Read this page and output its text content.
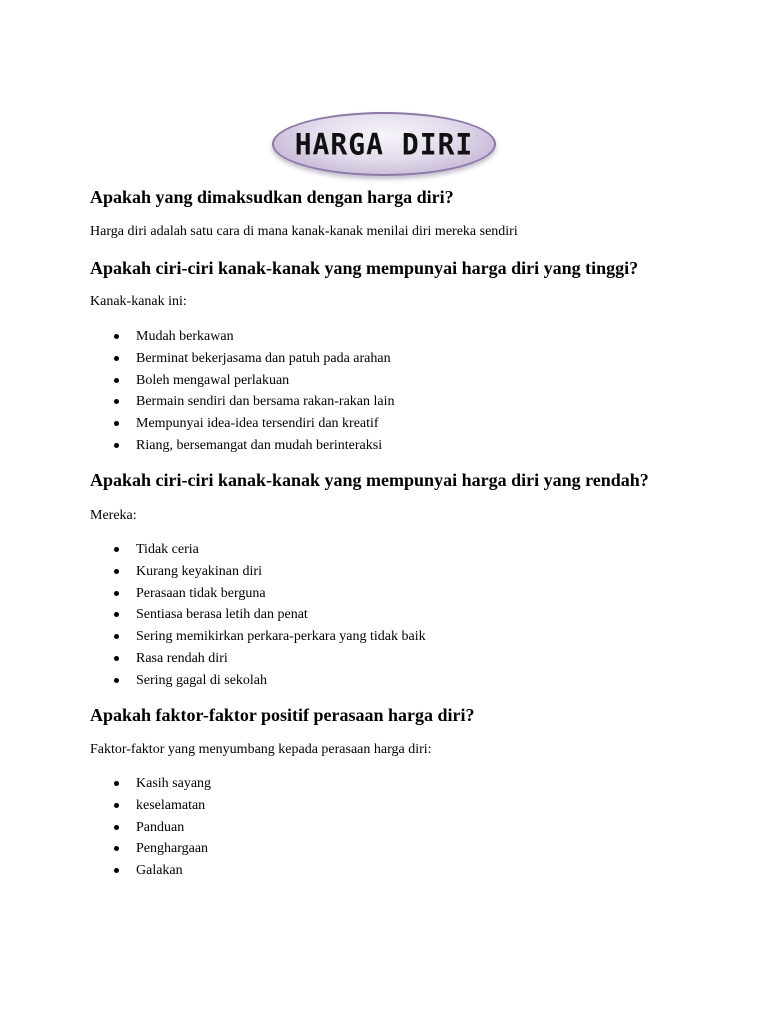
HARGA DIRI
Apakah yang dimaksudkan dengan harga diri?

Harga diri adalah satu cara di mana kanak-kanak menilai diri mereka sendiri

Apakah ciri-ciri kanak-kanak yang mempunyai harga diri yang tinggi?

Kanak-kanak ini:

Mudah berkawan
Berminat bekerjasama dan patuh pada arahan
Boleh mengawal perlakuan
Bermain sendiri dan bersama rakan-rakan lain
Mempunyai idea-idea tersendiri dan kreatif
Riang, bersemangat dan mudah berinteraksi
Apakah ciri-ciri kanak-kanak yang mempunyai harga diri yang rendah?

Mereka:

Tidak ceria
Kurang keyakinan diri
Perasaan tidak berguna
Sentiasa berasa letih dan penat
Sering memikirkan perkara-perkara yang tidak baik
Rasa rendah diri
Sering gagal di sekolah
Apakah faktor-faktor positif perasaan harga diri?

Faktor-faktor yang menyumbang kepada perasaan harga diri:

Kasih sayang
keselamatan
Panduan
Penghargaan
Galakan
